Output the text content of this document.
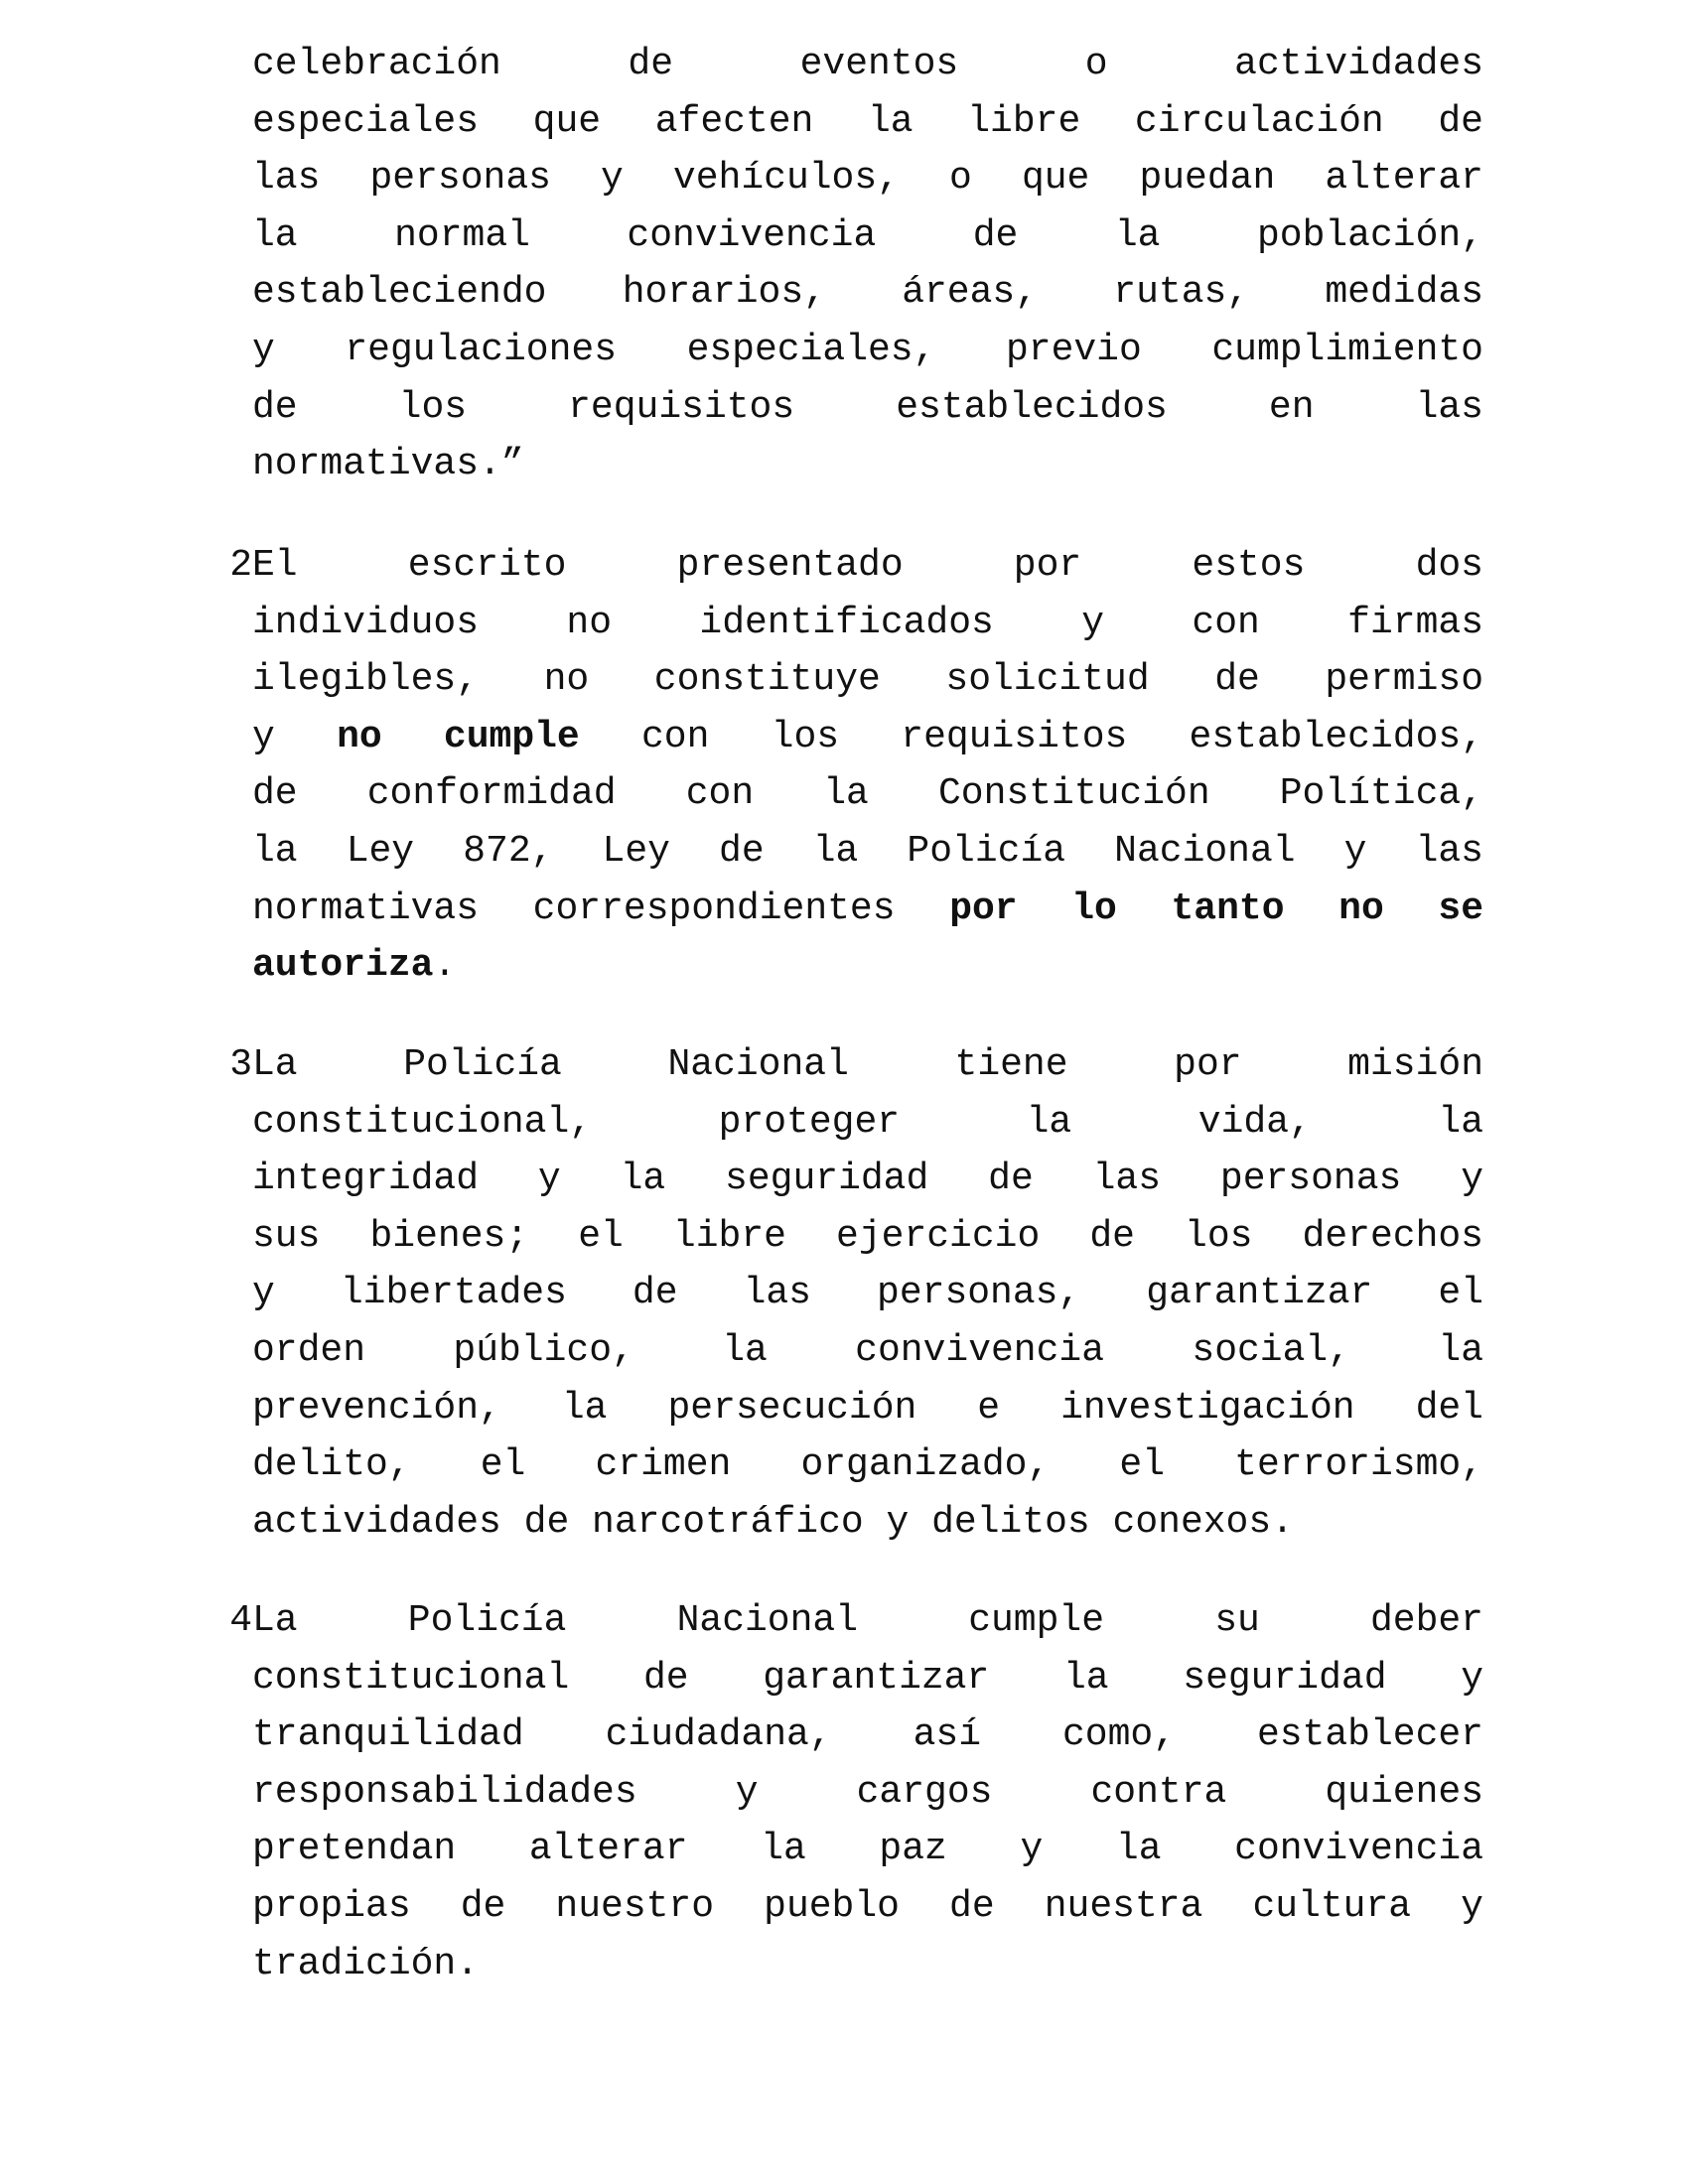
celebración de eventos o actividades
especiales que afecten la libre circulación de
las personas y vehículos, o que puedan alterar
la normal convivencia de la población,
estableciendo horarios, áreas, rutas, medidas
y regulaciones especiales, previo cumplimiento
de los requisitos establecidos en las
normativas.”
2 El escrito presentado por estos dos
individuos no identificados y con firmas
ilegibles, no constituye solicitud de permiso
y no cumple con los requisitos establecidos,
de conformidad con la Constitución Política,
la Ley 872, Ley de la Policía Nacional y las
normativas correspondientes por lo tanto no se
autoriza.
3 La Policía Nacional tiene por misión
constitucional, proteger la vida, la
integridad y la seguridad de las personas y
sus bienes; el libre ejercicio de los derechos
y libertades de las personas, garantizar el
orden público, la convivencia social, la
prevención, la persecución e investigación del
delito, el crimen organizado, el terrorismo,
actividades de narcotráfico y delitos conexos.
4 La Policía Nacional cumple su deber
constitucional de garantizar la seguridad y
tranquilidad ciudadana, así como, establecer
responsabilidades y cargos contra quienes
pretendan alterar la paz y la convivencia
propias de nuestro pueblo de nuestra cultura y
tradición.
